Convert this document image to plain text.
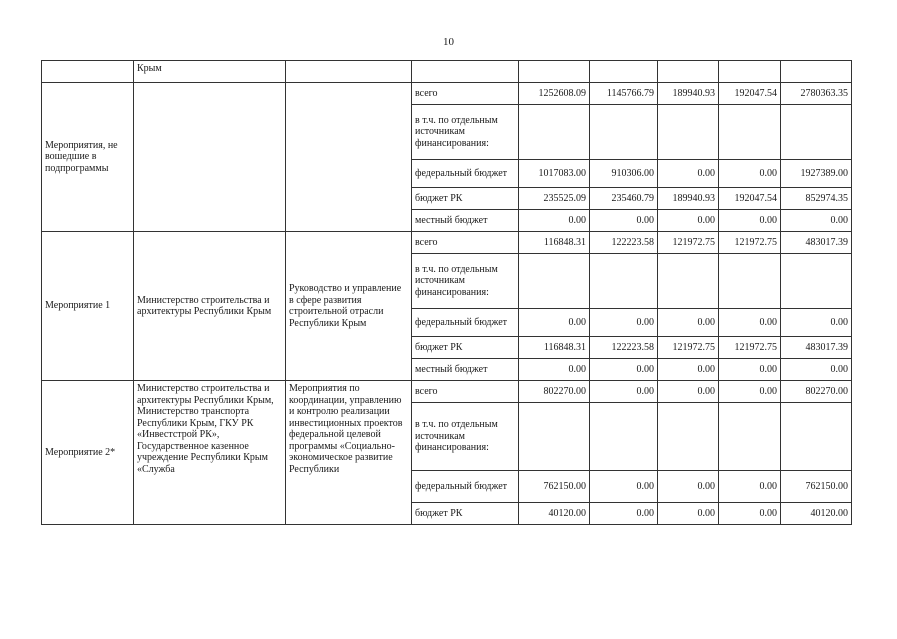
10
	Крым							
Мероприятия, не вошедшие в подпрограммы			всего	1252608.09	1145766.79	189940.93	192047.54	2780363.35
			в т.ч. по отдельным источникам финансирования:					
			федеральный бюджет	1017083.00	910306.00	0.00	0.00	1927389.00
			бюджет РК	235525.09	235460.79	189940.93	192047.54	852974.35
			местный бюджет	0.00	0.00	0.00	0.00	0.00
Мероприятие 1	Министерство строительства и архитектуры Республики Крым	Руководство и управление в сфере развития строительной отрасли Республики Крым	всего	116848.31	122223.58	121972.75	121972.75	483017.39
			в т.ч. по отдельным источникам финансирования:					
			федеральный бюджет	0.00	0.00	0.00	0.00	0.00
			бюджет РК	116848.31	122223.58	121972.75	121972.75	483017.39
			местный бюджет	0.00	0.00	0.00	0.00	0.00
Мероприятие 2*	Министерство строительства и архитектуры Республики Крым, Министерство транспорта Республики Крым, ГКУ РК «Инвестстрой РК», Государственное казенное учреждение Республики Крым «Служба	Мероприятия по координации, управлению и контролю реализации инвестиционных проектов федеральной целевой программы «Социально-экономическое развитие Республики	всего	802270.00	0.00	0.00	0.00	802270.00
			в т.ч. по отдельным источникам финансирования:					
			федеральный бюджет	762150.00	0.00	0.00	0.00	762150.00
			бюджет РК	40120.00	0.00	0.00	0.00	40120.00
